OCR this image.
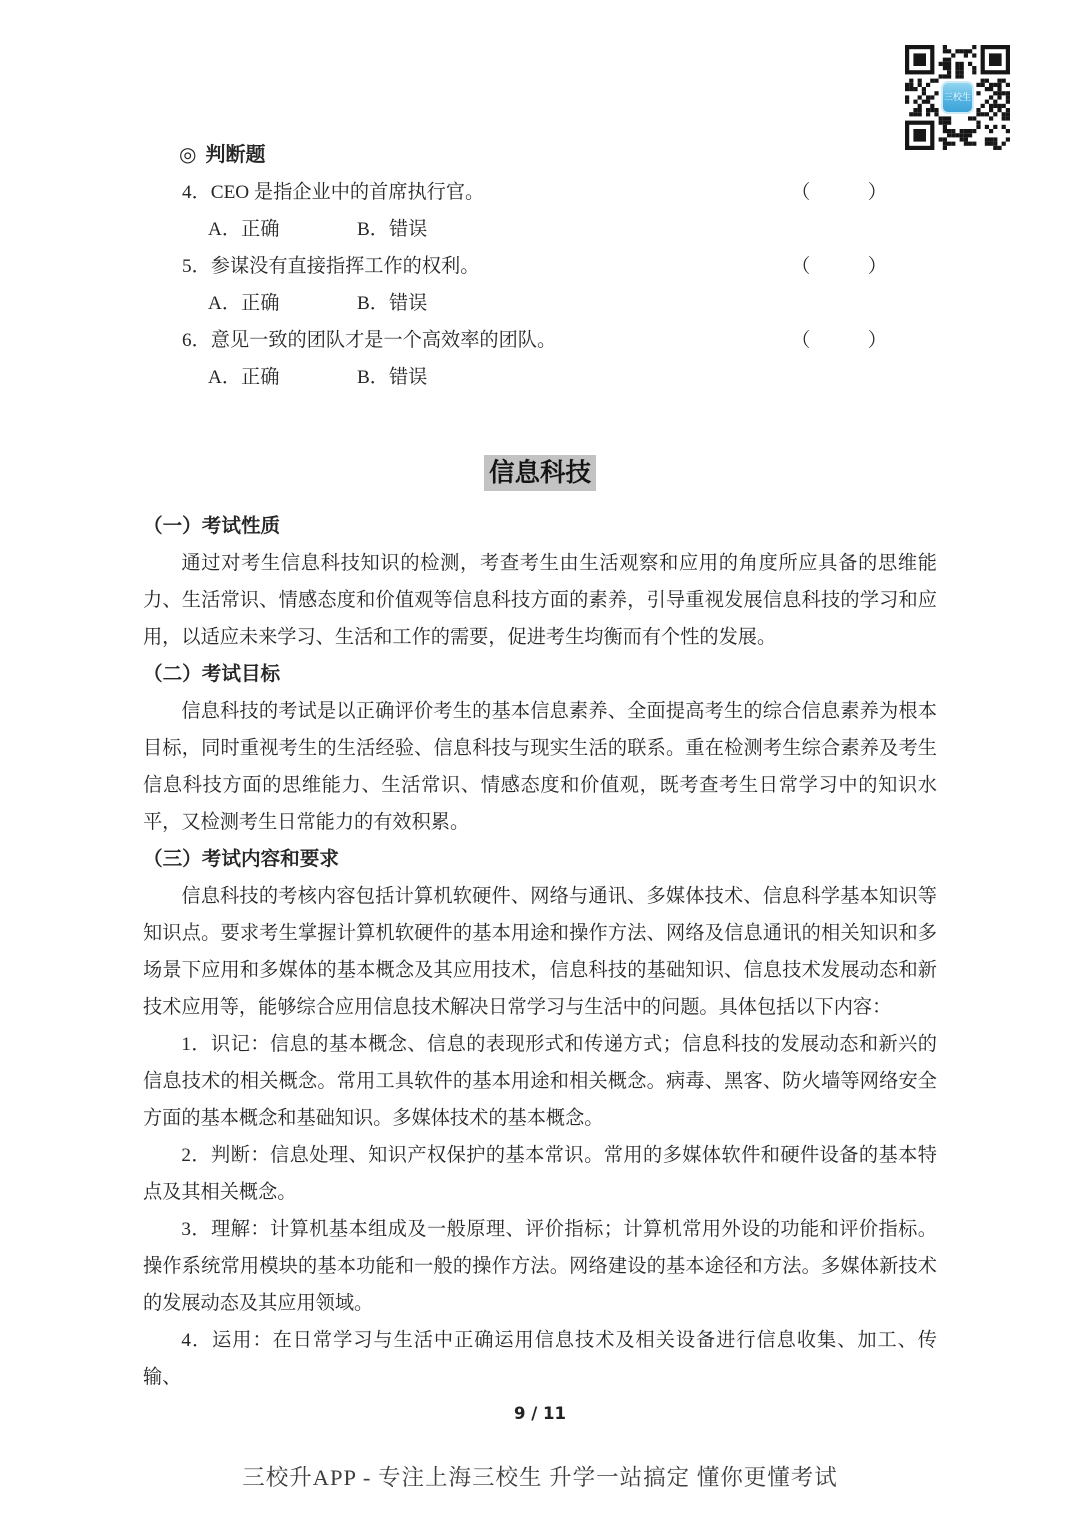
三校生
◎ 判断题
4．CEO 是指企业中的首席执行官。	（　　　）
A．正确	B．错误
5．参谋没有直接指挥工作的权利。	（　　　）
A．正确	B．错误
6．意见一致的团队才是一个高效率的团队。	（　　　）
A．正确	B．错误
信息科技
（一）考试性质

通过对考生信息科技知识的检测，考查考生由生活观察和应用的角度所应具备的思维能力、生活常识、情感态度和价值观等信息科技方面的素养，引导重视发展信息科技的学习和应用，以适应未来学习、生活和工作的需要，促进考生均衡而有个性的发展。

（二）考试目标

信息科技的考试是以正确评价考生的基本信息素养、全面提高考生的综合信息素养为根本目标，同时重视考生的生活经验、信息科技与现实生活的联系。重在检测考生综合素养及考生信息科技方面的思维能力、生活常识、情感态度和价值观，既考查考生日常学习中的知识水平，又检测考生日常能力的有效积累。

（三）考试内容和要求

信息科技的考核内容包括计算机软硬件、网络与通讯、多媒体技术、信息科学基本知识等知识点。要求考生掌握计算机软硬件的基本用途和操作方法、网络及信息通讯的相关知识和多场景下应用和多媒体的基本概念及其应用技术，信息科技的基础知识、信息技术发展动态和新技术应用等，能够综合应用信息技术解决日常学习与生活中的问题。具体包括以下内容：

1．识记：信息的基本概念、信息的表现形式和传递方式；信息科技的发展动态和新兴的信息技术的相关概念。常用工具软件的基本用途和相关概念。病毒、黑客、防火墙等网络安全方面的基本概念和基础知识。多媒体技术的基本概念。

2．判断：信息处理、知识产权保护的基本常识。常用的多媒体软件和硬件设备的基本特点及其相关概念。

3．理解：计算机基本组成及一般原理、评价指标；计算机常用外设的功能和评价指标。操作系统常用模块的基本功能和一般的操作方法。网络建设的基本途径和方法。多媒体新技术的发展动态及其应用领域。

4．运用：在日常学习与生活中正确运用信息技术及相关设备进行信息收集、加工、传输、

9 / 11
三校升APP - 专注上海三校生 升学一站搞定 懂你更懂考试
